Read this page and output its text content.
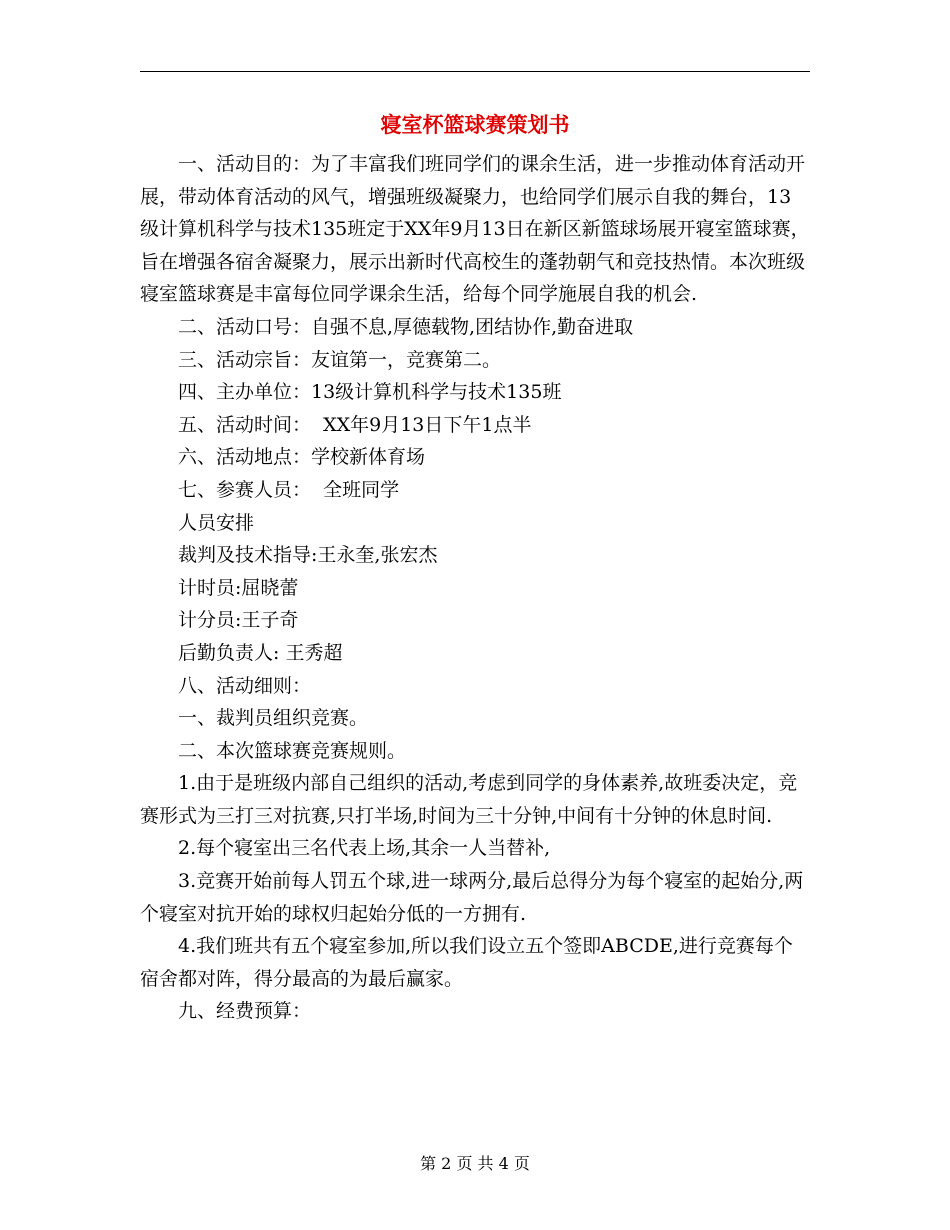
寝室杯篮球赛策划书

一、活动目的：为了丰富我们班同学们的课余生活，进一步推动体育活动开展，带动体育活动的风气，增强班级凝聚力，也给同学们展示自我的舞台，13级计算机科学与技术135班定于XX年9月13日在新区新篮球场展开寝室篮球赛，旨在增强各宿舍凝聚力，展示出新时代高校生的蓬勃朝气和竞技热情。本次班级寝室篮球赛是丰富每位同学课余生活，给每个同学施展自我的机会.

二、活动口号：自强不息,厚德载物,团结协作,勤奋进取

三、活动宗旨：友谊第一，竞赛第二。

四、主办单位：13级计算机科学与技术135班

五、活动时间：  XX年9月13日下午1点半

六、活动地点：学校新体育场

七、参赛人员：  全班同学

人员安排

裁判及技术指导:王永奎,张宏杰

计时员:屈晓蕾

计分员:王子奇

后勤负责人: 王秀超

八、活动细则：

一、裁判员组织竞赛。

二、本次篮球赛竞赛规则。

1.由于是班级内部自己组织的活动,考虑到同学的身体素养,故班委决定，竞赛形式为三打三对抗赛,只打半场,时间为三十分钟,中间有十分钟的休息时间.

2.每个寝室出三名代表上场,其余一人当替补,

3.竞赛开始前每人罚五个球,进一球两分,最后总得分为每个寝室的起始分,两个寝室对抗开始的球权归起始分低的一方拥有.

4.我们班共有五个寝室参加,所以我们设立五个签即ABCDE,进行竞赛每个宿舍都对阵，得分最高的为最后赢家。

九、经费预算：

第 2 页 共 4 页
